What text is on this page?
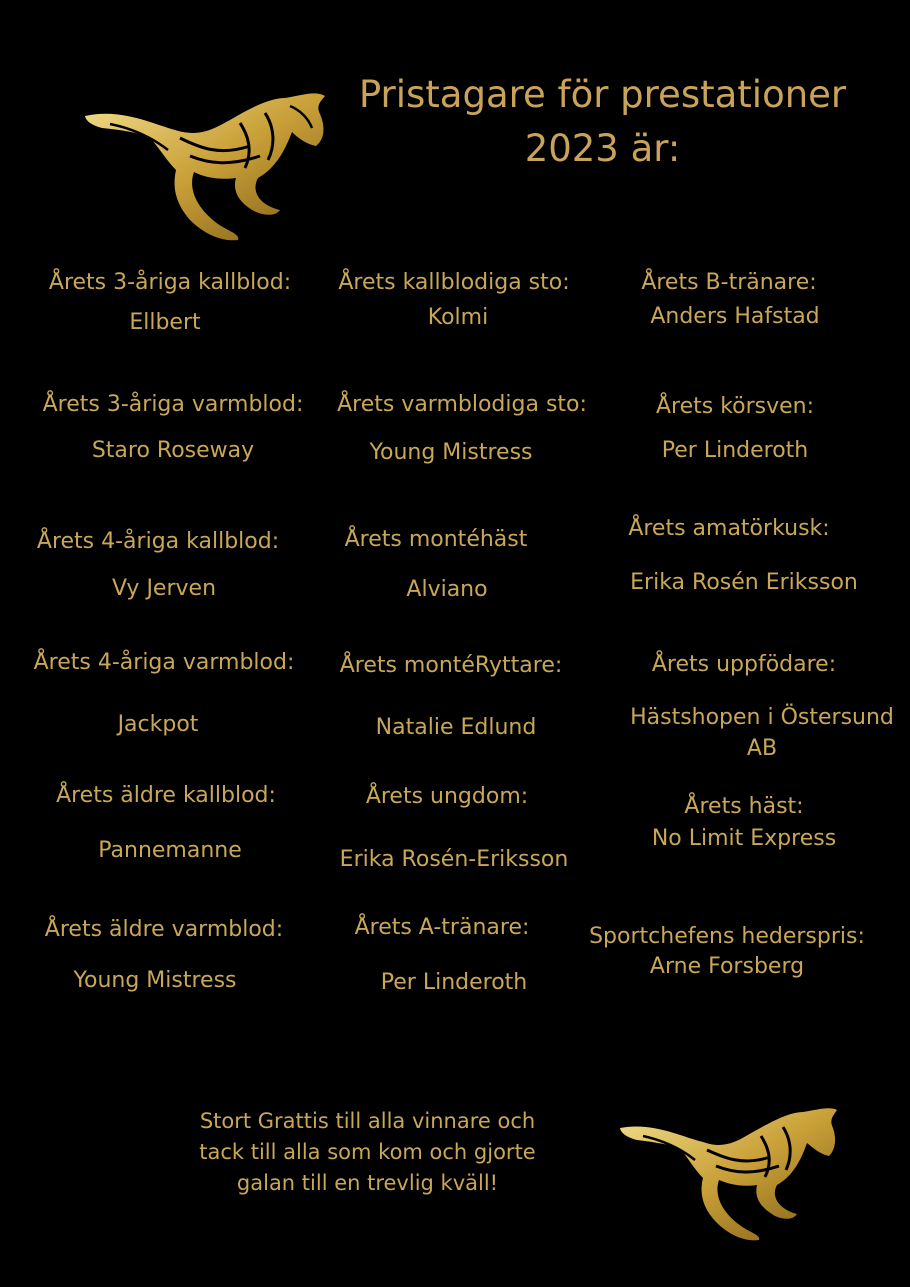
Östersunds
TRAVGALA	Pristagare för prestationer
2023 är:
Årets 3-åriga kallblod:
Ellbert
Årets 3-åriga varmblod:
Staro Roseway
Årets 4-åriga kallblod:
Vy Jerven
Årets 4-åriga varmblod:
Jackpot
Årets äldre kallblod:
Pannemanne
Årets äldre varmblod:
Young Mistress
Årets kallblodiga sto:
Kolmi
Årets varmblodiga sto:
Young Mistress
Årets montéhäst
Alviano
Årets montéRyttare:
Natalie Edlund
Årets ungdom:
Erika Rosén-Eriksson
Årets A-tränare:
Per Linderoth
Årets B-tränare:
Anders Hafstad
Årets körsven:
Per Linderoth
Årets amatörkusk:
Erika Rosén Eriksson
Årets uppfödare:
Hästshopen i Östersund
AB
Årets häst:
No Limit Express
Sportchefens hederspris:
Arne Forsberg
Stort Grattis till alla vinnare och
tack till alla som kom och gjorte
galan till en trevlig kväll!
Östersunds
TRAVGALA
